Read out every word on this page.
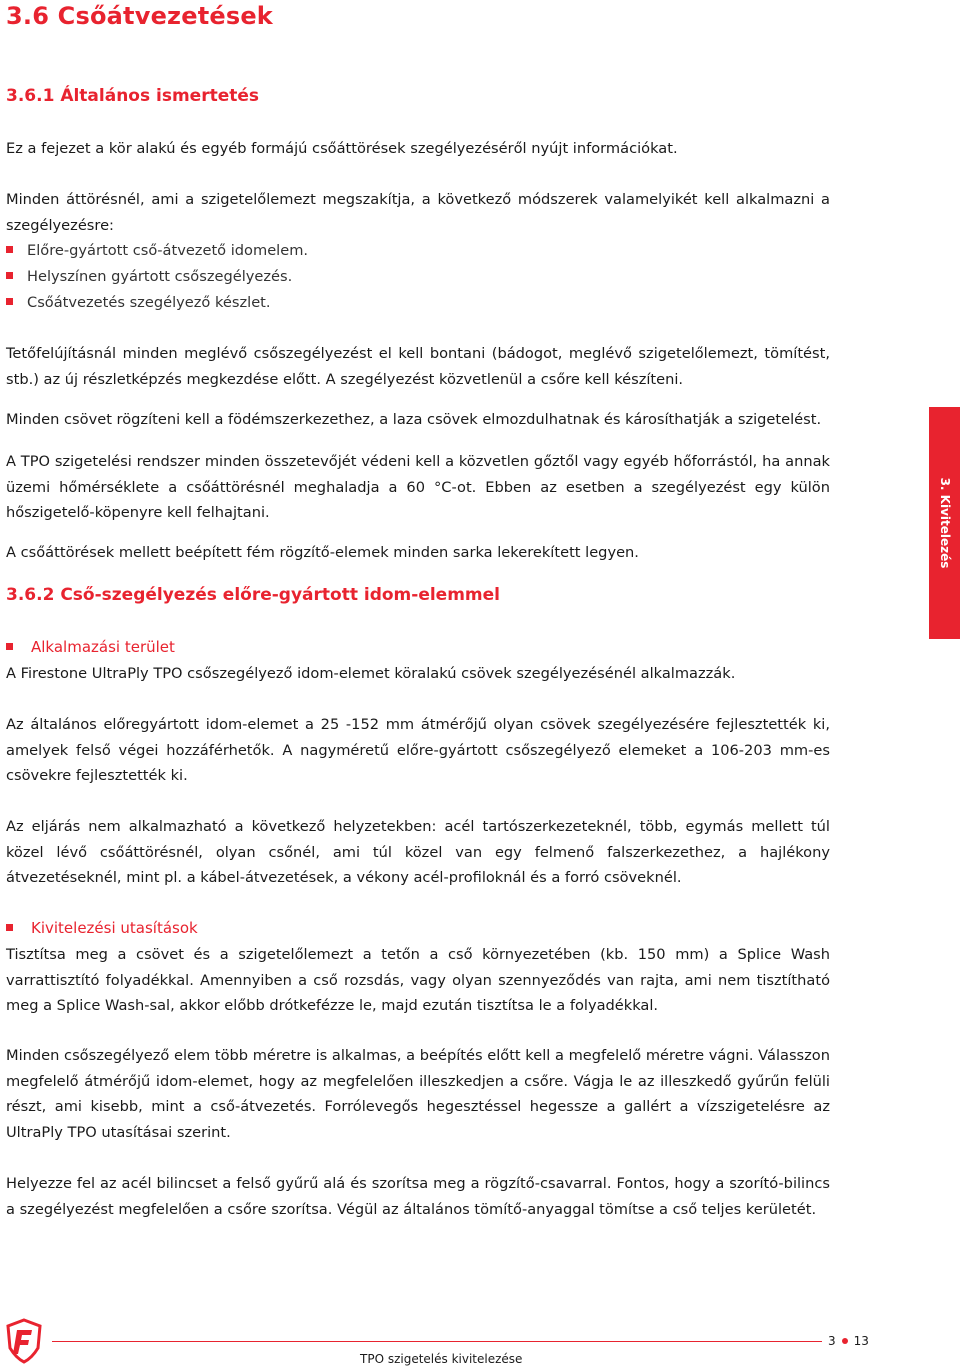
3.6 Csőátvezetések
3.6.1 Általános ismertetés

Ez a fejezet a kör alakú és egyéb formájú csőáttörések szegélyezéséről nyújt információkat.

Minden áttörésnél, ami a szigetelőlemezt megszakítja, a következő módszerek valamelyikét kell alkalmazni a szegélyezésre:

Előre-gyártott cső-átvezető idomelem.

Helyszínen gyártott csőszegélyezés.

Csőátvezetés szegélyező készlet.

Tetőfelújításnál minden meglévő csőszegélyezést el kell bontani (bádogot, meglévő szigetelőlemezt, tömítést, stb.) az új részletképzés megkezdése előtt. A szegélyezést közvetlenül a csőre kell készíteni.

Minden csövet rögzíteni kell a födémszerkezethez, a laza csövek elmozdulhatnak és károsíthatják a szigetelést.

A TPO szigetelési rendszer minden összetevőjét védeni kell a közvetlen gőztől vagy egyéb hőforrástól, ha annak üzemi hőmérséklete a csőáttörésnél meghaladja a 60 °C-ot. Ebben az esetben a szegélyezést egy külön hőszigetelő-köpenyre kell felhajtani.

A csőáttörések mellett beépített fém rögzítő-elemek minden sarka lekerekített legyen.

3.6.2 Cső-szegélyezés előre-gyártott idom-elemmel

Alkalmazási terület

A Firestone UltraPly TPO csőszegélyező idom-elemet köralakú csövek szegélyezésénél alkalmazzák.

Az általános előregyártott idom-elemet a 25 -152 mm átmérőjű olyan csövek szegélyezésére fejlesztették ki, amelyek felső végei hozzáférhetők. A nagyméretű előre-gyártott csőszegélyező elemeket a 106-203 mm-es csövekre fejlesztették ki.

Az eljárás nem alkalmazható a következő helyzetekben: acél tartószerkezeteknél, több, egymás mellett túl közel lévő csőáttörésnél, olyan csőnél, ami túl közel van egy felmenő falszerkezethez, a hajlékony átvezetéseknél, mint pl. a kábel-átvezetések, a vékony acél-profiloknál és a forró csöveknél.

Kivitelezési utasítások

Tisztítsa meg a csövet és a szigetelőlemezt a tetőn a cső környezetében (kb. 150 mm) a Splice Wash varrattisztító folyadékkal. Amennyiben a cső rozsdás, vagy olyan szennyeződés van rajta, ami nem tisztítható meg a Splice Wash-sal, akkor előbb drótkefézze le, majd ezután tisztítsa le a folyadékkal.

Minden csőszegélyező elem több méretre is alkalmas, a beépítés előtt kell a megfelelő méretre vágni. Válasszon megfelelő átmérőjű idom-elemet, hogy az megfelelően illeszkedjen a csőre. Vágja le az illeszkedő gyűrűn felüli részt, ami kisebb, mint a cső-átvezetés. Forrólevegős hegesztéssel hegessze a gallért a vízszigetelésre az UltraPly TPO utasításai szerint.

Helyezze fel az acél bilincset a felső gyűrű alá és szorítsa meg a rögzítő-csavarral. Fontos, hogy a szorító-bilincs a szegélyezést megfelelően a csőre szorítsa. Végül az általános tömítő-anyaggal tömítse a cső teljes kerületét.

3. Kivitelezés
3 13
TPO szigetelés kivitelezése
